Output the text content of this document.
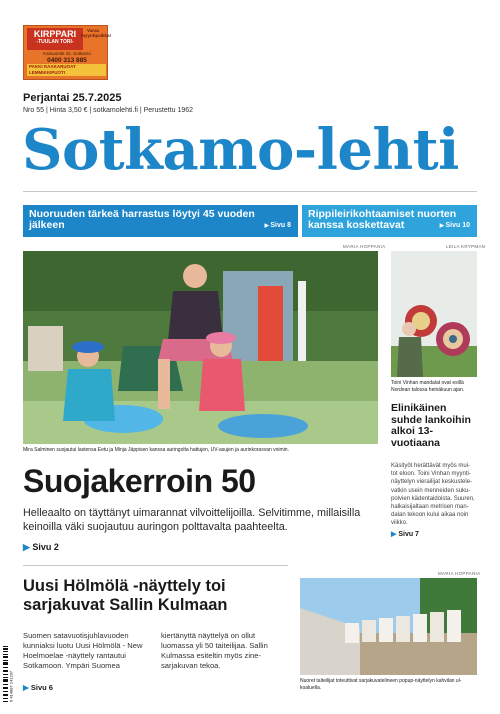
KIRPPARI
-TUULAN TORI-
Varaa myyntipaikka!
Kainuuntie 32, Sotkamo
0400 313 885
PAKKI RAAKARUOAT    LEMMIKKIPUOTI
Perjantai 25.7.2025
Nro 55 | Hinta 3,50 € | sotkamolehti.fi | Perustettu 1962
Sotkamo-lehti
Nuoruuden tärkeä harrastus löytyi 45 vuoden jälkeen	▶ Sivu 8
Rippileirikohtaamiset nuorten kanssa koskettavat	▶ Sivu 10
MARIA HOPPANIA	LEILA KRYPMAN
Mira Salminen suojautui lastensa Eetu ja Minja Jäppisen kanssa auringolta hattujen, UV-asujen ja aurinkorasvan voimin.
Toini Vinhan mandalat ovat esillä Nordean talossa heinäkuun ajan.
Elinikäinen suhde lankoihin alkoi 13-vuotiaana
Käsityöt herättävät myös mui- tot eloon. Toini Vinhan myynti- näyttelyn vierailijat keskustele- vatkin usein menneiden suku- polvien kädentaidoista. Suuren, halkaisijaltaan metrisen man- dalan tekoon kului aikaa noin viikko.
▶ Sivu 7
Suojakerroin 50
Helleaalto on täyttänyt uimarannat vilvoittelijoilla. Selvitimme, millaisilla keinoilla väki suojautuu auringon polttavalta paahteelta.
▶ Sivu 2
Uusi Hölmölä -näyttely toi sarjakuvat Sallin Kulmaan
Suomen satavuotisjuhlavuoden kunniaksi luotu Uusi Hölmölä - New Hoelmoelae -näyttely rantautui Sotkamoon. Ympäri Suomea
kiertänyttä näyttelyä on ollut luomassa yli 50 taiteilijaa. Sallin Kulmassa esiteltin myös zine- sarjakuvan tekoa.
▶ Sivu 6
MARIA HOPPANIA
Nuoret taiteilijat toteuttivat sarjakuvatelineen popup-näyttelyn kahvilan ul- koaluella.
6 414887 141297
